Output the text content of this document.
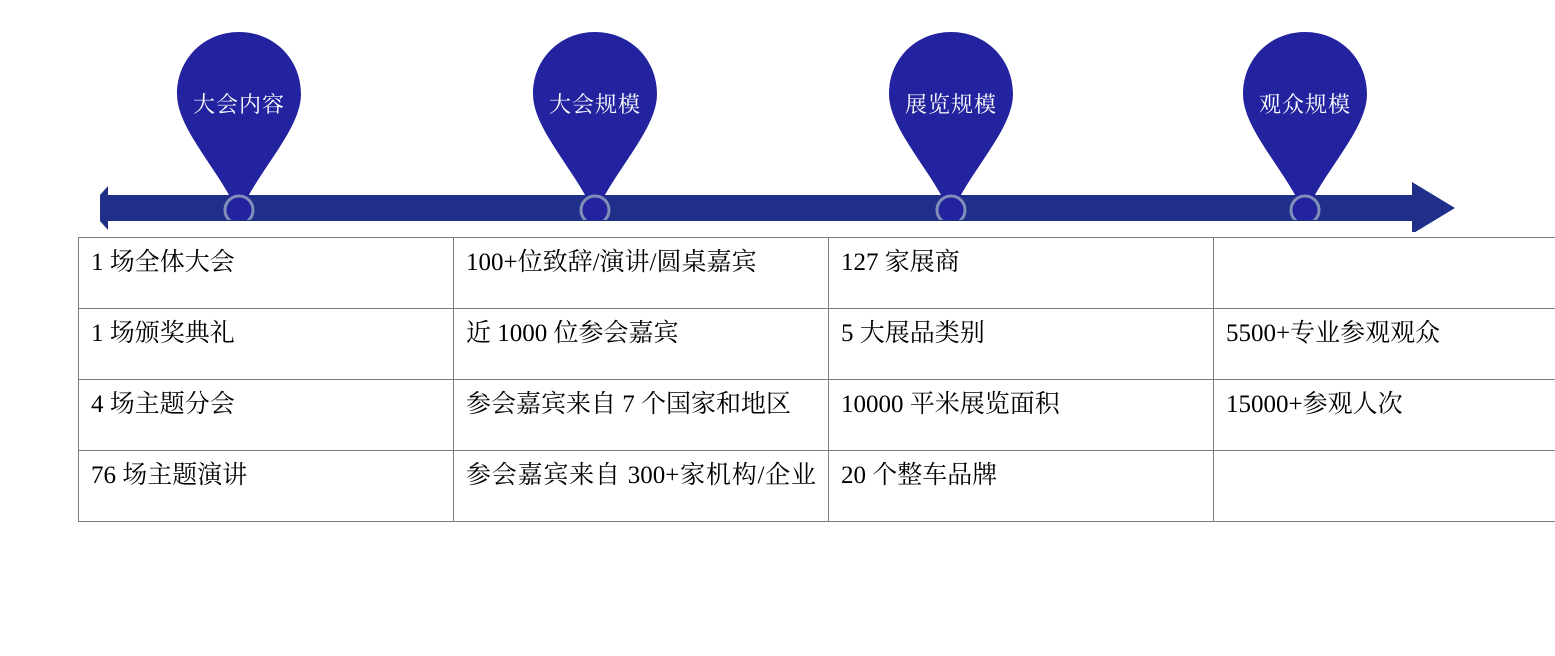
大会内容	大会规模	展览规模	观众规模
1 场全体大会	100+位致辞/演讲/圆桌嘉宾	127 家展商	
1 场颁奖典礼	近 1000 位参会嘉宾	5 大展品类别	5500+专业参观观众
4 场主题分会	参会嘉宾来自 7 个国家和地区	10000 平米展览面积	15000+参观人次
76 场主题演讲	参会嘉宾来自 300+家机构/企业	20 个整车品牌	
